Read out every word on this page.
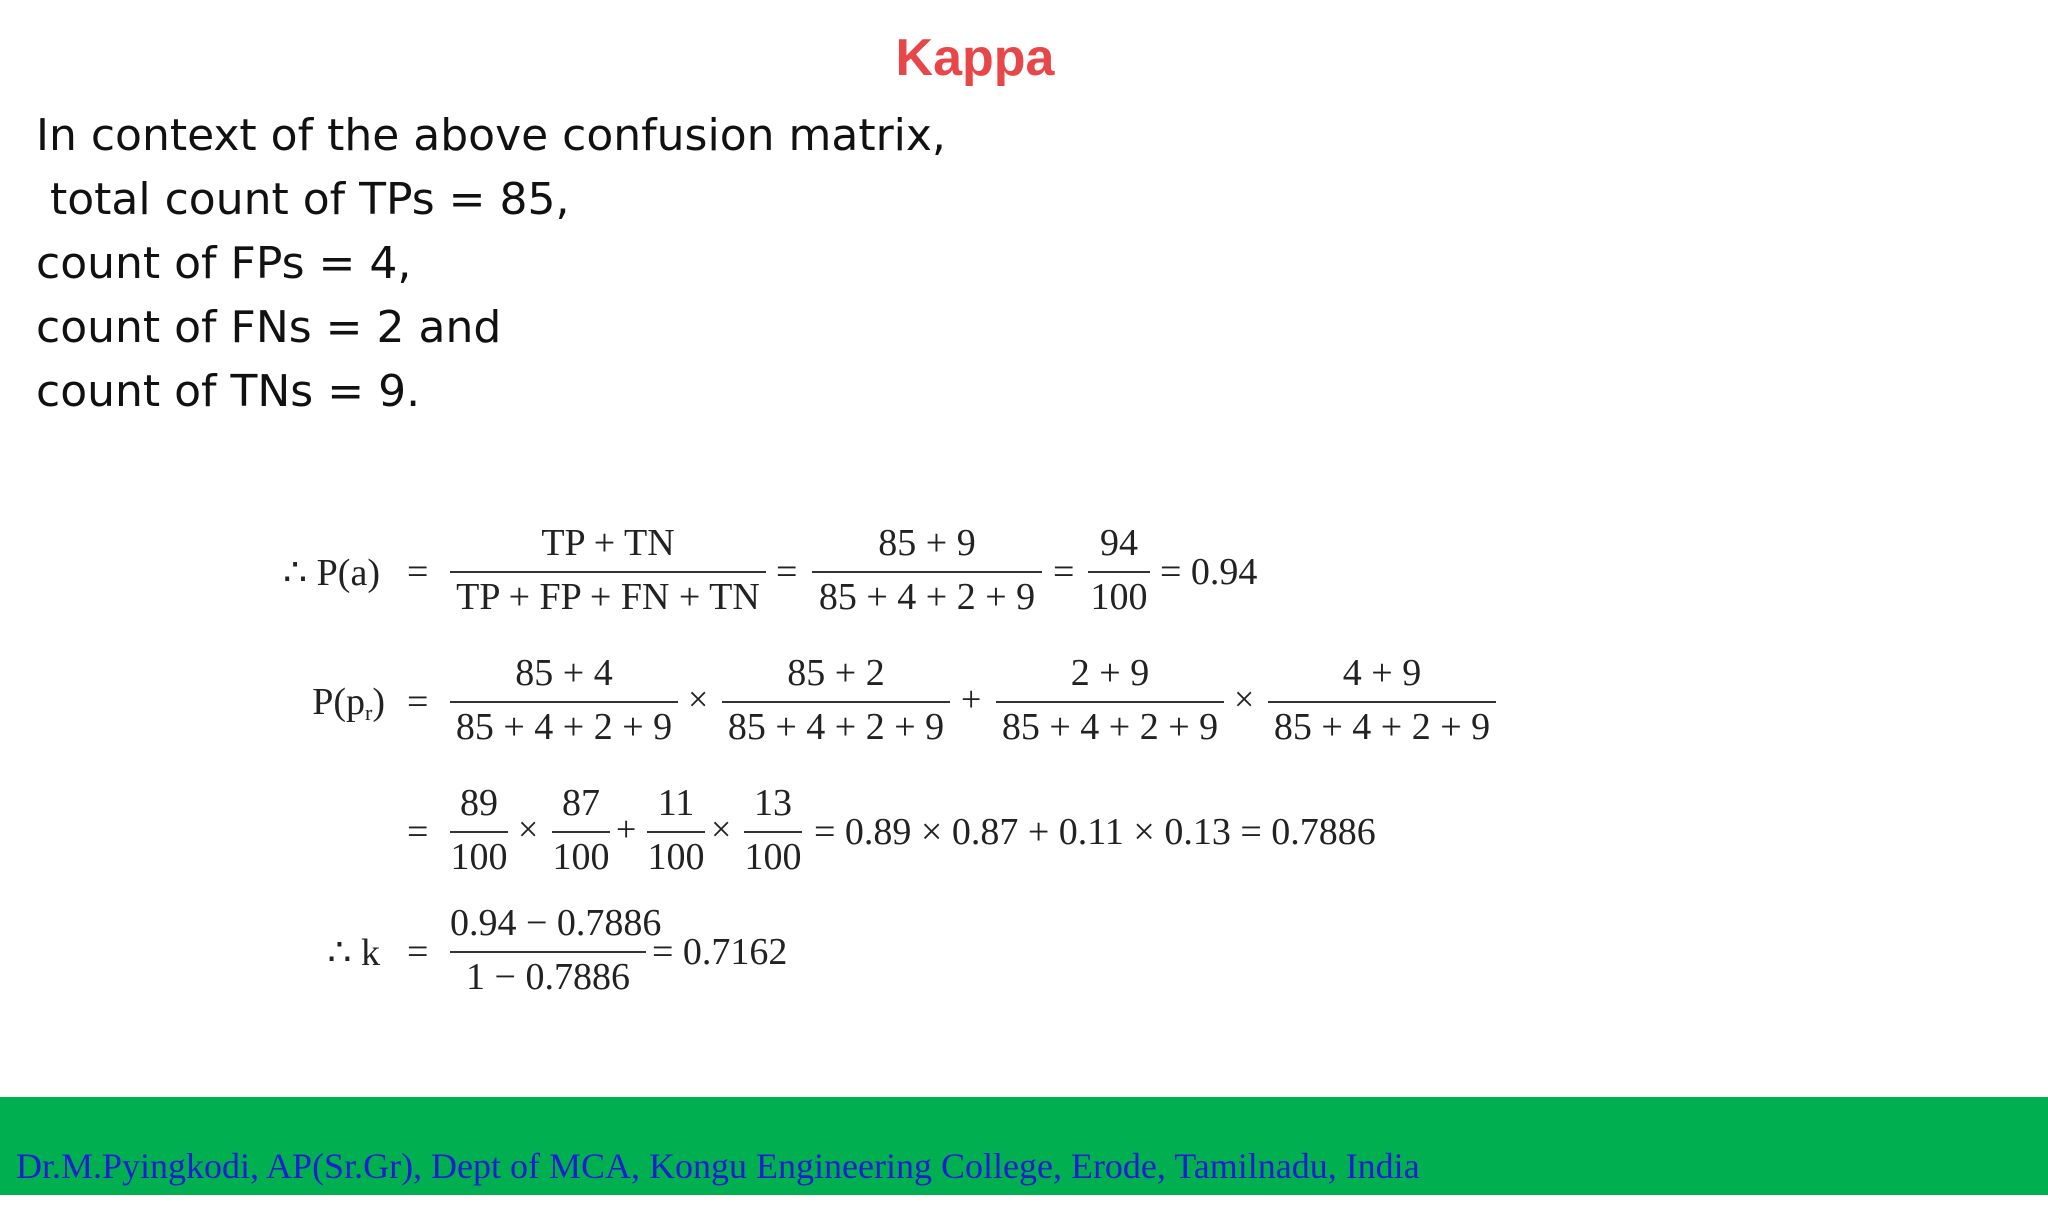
Kappa
In context of the above confusion matrix,
total count of TPs = 85,
count of FPs = 4,
count of FNs = 2 and
count of TNs = 9.
∴ P(a) =
TP + TN
TP + FP + FN + TN
=
85 + 9
85 + 4 + 2 + 9
=
94
100
= 0.94
$P(p_r)$ =
85 + 4
85 + 4 + 2 + 9
×
85 + 2
85 + 4 + 2 + 9
+
2 + 9
85 + 4 + 2 + 9
×
4 + 9
85 + 4 + 2 + 9
=
89
100
×
87
100
+
11
100
×
13
100
= 0.89 × 0.87 + 0.11 × 0.13 = 0.7886
∴ k =
0.94 − 0.7886
1 − 0.7886
= 0.7162
Dr.M.Pyingkodi, AP(Sr.Gr), Dept of MCA, Kongu Engineering College, Erode, Tamilnadu, India
